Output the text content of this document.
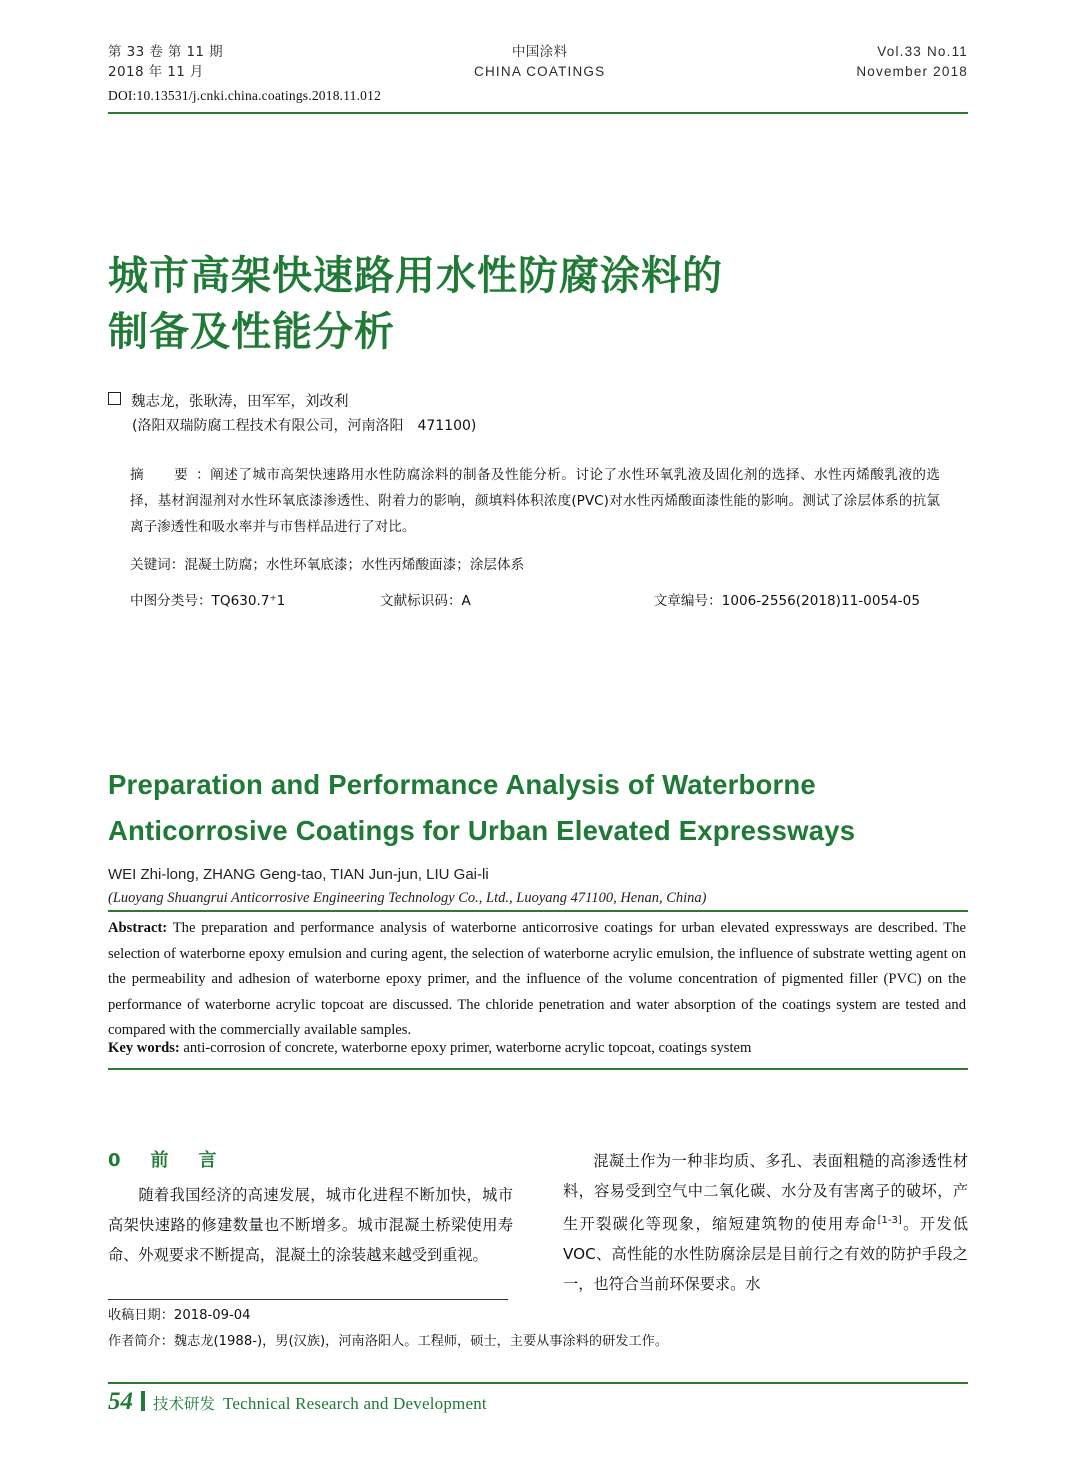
第 33 卷 第 11 期
2018 年 11 月
中国涂料
CHINA COATINGS
Vol.33 No.11
November 2018
DOI:10.13531/j.cnki.china.coatings.2018.11.012
城市高架快速路用水性防腐涂料的
制备及性能分析
魏志龙，张耿涛，田军军，刘改利
(洛阳双瑞防腐工程技术有限公司，河南洛阳　471100)
摘　要：阐述了城市高架快速路用水性防腐涂料的制备及性能分析。讨论了水性环氧乳液及固化剂的选择、水性丙烯酸乳液的选择，基材润湿剂对水性环氧底漆渗透性、附着力的影响，颜填料体积浓度(PVC)对水性丙烯酸面漆性能的影响。测试了涂层体系的抗氯离子渗透性和吸水率并与市售样品进行了对比。
关键词：混凝土防腐；水性环氧底漆；水性丙烯酸面漆；涂层体系
中图分类号：TQ630.7⁺1	文献标识码：A	文章编号：1006-2556(2018)11-0054-05
Preparation and Performance Analysis of Waterborne
Anticorrosive Coatings for Urban Elevated Expressways
WEI Zhi-long, ZHANG Geng-tao, TIAN Jun-jun, LIU Gai-li
(Luoyang Shuangrui Anticorrosive Engineering Technology Co., Ltd., Luoyang 471100, Henan, China)
Abstract: The preparation and performance analysis of waterborne anticorrosive coatings for urban elevated expressways are described. The selection of waterborne epoxy emulsion and curing agent, the selection of waterborne acrylic emulsion, the influence of substrate wetting agent on the permeability and adhesion of waterborne epoxy primer, and the influence of the volume concentration of pigmented filler (PVC) on the performance of waterborne acrylic topcoat are discussed. The chloride penetration and water absorption of the coatings system are tested and compared with the commercially available samples.
Key words: anti-corrosion of concrete, waterborne epoxy primer, waterborne acrylic topcoat, coatings system
0　前　言

随着我国经济的高速发展，城市化进程不断加快，城市高架快速路的修建数量也不断增多。城市混凝土桥梁使用寿命、外观要求不断提高，混凝土的涂装越来越受到重视。

混凝土作为一种非均质、多孔、表面粗糙的高渗透性材料，容易受到空气中二氧化碳、水分及有害离子的破坏，产生开裂碳化等现象，缩短建筑物的使用寿命[1-3]。开发低VOC、高性能的水性防腐涂层是目前行之有效的防护手段之一，也符合当前环保要求。水

收稿日期：2018-09-04
作者简介：魏志龙(1988-)，男(汉族)，河南洛阳人。工程师，硕士，主要从事涂料的研发工作。
54 技术研发 Technical Research and Development
